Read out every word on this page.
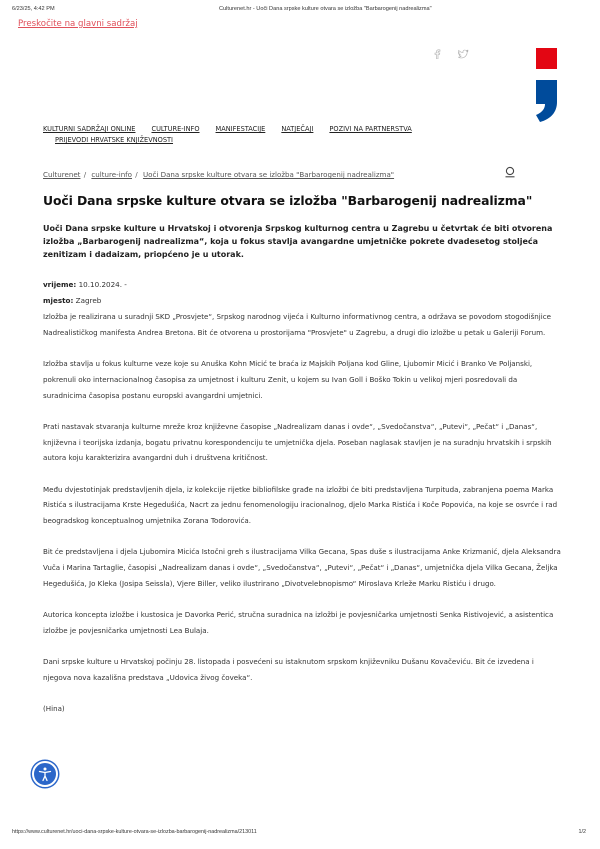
6/23/25, 4:42 PM	Culturenet.hr - Uoči Dana srpske kulture otvara se izložba "Barbarogenij nadrealizma"
Preskočite na glavni sadržaj
KULTURNI SADRŽAJI ONLINE CULTURE-INFO MANIFESTACIJE NATJEČAJI POZIVI NA PARTNERSTVA
PRIJEVODI HRVATSKE KNJIŽEVNOSTI
Culturenet / culture-info / Uoči Dana srpske kulture otvara se izložba "Barbarogenij nadrealizma"
Uoči Dana srpske kulture otvara se izložba "Barbarogenij nadrealizma"

Uoči Dana srpske kulture u Hrvatskoj i otvorenja Srpskog kulturnog centra u Zagrebu u četvrtak će biti otvorena izložba „Barbarogenij nadrealizma“, koja u fokus stavlja avangardne umjetničke pokrete dvadesetog stoljeća zenitizam i dadaizam, priopćeno je u utorak.

vrijeme: 10.10.2024. -
mjesto: Zagreb

Izložba je realizirana u suradnji SKD „Prosvjete“, Srpskog narodnog vijeća i Kulturno informativnog centra, a održava se povodom stogodišnjice Nadrealističkog manifesta Andrea Bretona. Bit će otvorena u prostorijama "Prosvjete" u Zagrebu, a drugi dio izložbe u petak u Galeriji Forum.

Izložba stavlja u fokus kulturne veze koje su Anuška Kohn Micić te braća iz Majskih Poljana kod Gline, Ljubomir Micić i Branko Ve Poljanski, pokrenuli oko internacionalnog časopisa za umjetnost i kulturu Zenit, u kojem su Ivan Goll i Boško Tokin u velikoj mjeri posredovali da suradnicima časopisa postanu europski avangardni umjetnici.

Prati nastavak stvaranja kulturne mreže kroz književne časopise „Nadrealizam danas i ovde“, „Svedočanstva“, „Putevi“, „Pečat“ i „Danas“, književna i teorijska izdanja, bogatu privatnu korespondenciju te umjetnička djela. Poseban naglasak stavljen je na suradnju hrvatskih i srpskih autora koju karakterizira avangardni duh i društvena kritičnost.

Među dvjestotinjak predstavljenih djela, iz kolekcije rijetke bibliofilske građe na izložbi će biti predstavljena Turpituda, zabranjena poema Marka Ristića s ilustracijama Krste Hegedušića, Nacrt za jednu fenomenologiju iracionalnog, djelo Marka Ristića i Koče Popovića, na koje se osvrće i rad beogradskog konceptualnog umjetnika Zorana Todorovića.

Bit će predstavljena i djela Ljubomira Micića Istočni greh s ilustracijama Vilka Gecana, Spas duše s ilustracijama Anke Krizmanić, djela Aleksandra Vuča i Marina Tartaglie, časopisi „Nadrealizam danas i ovde“, „Svedočanstva“, „Putevi“, „Pečat“ i „Danas“, umjetnička djela Vilka Gecana, Željka Hegedušića, Jo Kleka (Josipa Seissla), Vjere Biller, veliko ilustrirano „Divotvelebnopismo“ Miroslava Krleže Marku Ristiću i drugo.

Autorica koncepta izložbe i kustosica je Davorka Perić, stručna suradnica na izložbi je povjesničarka umjetnosti Senka Ristivojević, a asistentica izložbe je povjesničarka umjetnosti Lea Bulaja.

Dani srpske kulture u Hrvatskoj počinju 28. listopada i posvećeni su istaknutom srpskom književniku Dušanu Kovačeviću. Bit će izvedena i njegova nova kazališna predstava „Udovica živog čoveka“.

(Hina)

https://www.culturenet.hr/uoci-dana-srpske-kulture-otvara-se-izlozba-barbarogenij-nadrealizma/213011	1/2
